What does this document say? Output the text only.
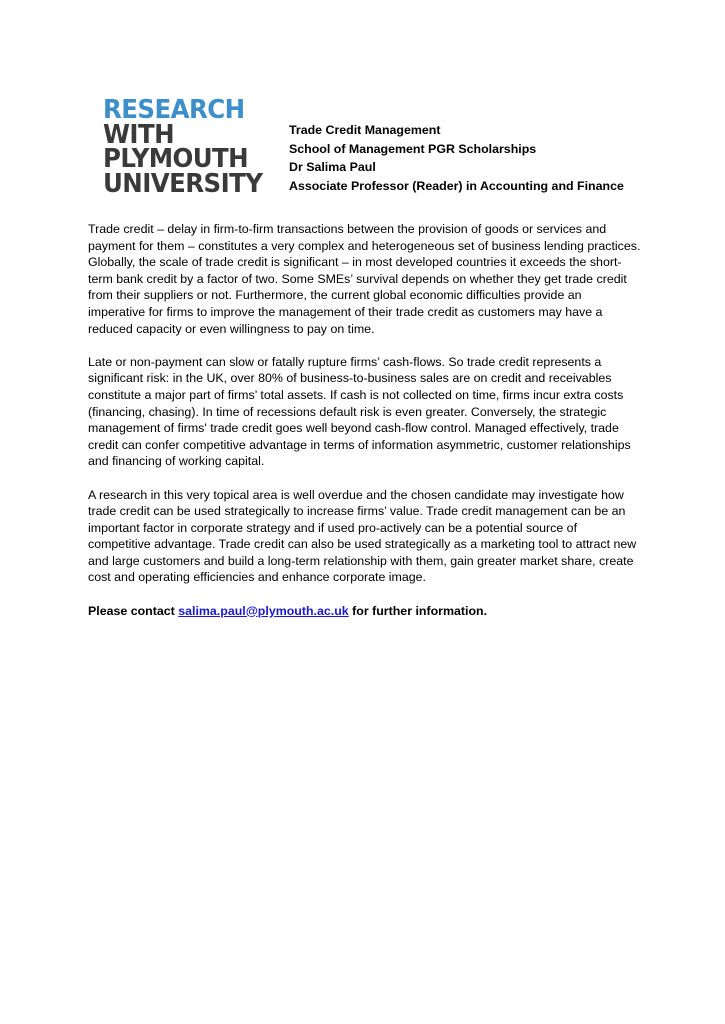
RESEARCH
WITH
PLYMOUTH
UNIVERSITY
Trade Credit Management
School of Management PGR Scholarships
Dr Salima Paul
Associate Professor (Reader) in Accounting and Finance

Trade credit – delay in firm-to-firm transactions between the provision of goods or services and
payment for them – constitutes a very complex and heterogeneous set of business lending practices.
Globally, the scale of trade credit is significant – in most developed countries it exceeds the short-
term bank credit by a factor of two. Some SMEs’ survival depends on whether they get trade credit
from their suppliers or not. Furthermore, the current global economic difficulties provide an
imperative for firms to improve the management of their trade credit as customers may have a
reduced capacity or even willingness to pay on time.

Late or non-payment can slow or fatally rupture firms’ cash-flows. So trade credit represents a
significant risk: in the UK, over 80% of business-to-business sales are on credit and receivables
constitute a major part of firms’ total assets. If cash is not collected on time, firms incur extra costs
(financing, chasing). In time of recessions default risk is even greater. Conversely, the strategic
management of firms' trade credit goes well beyond cash-flow control. Managed effectively, trade
credit can confer competitive advantage in terms of information asymmetric, customer relationships
and financing of working capital.

A research in this very topical area is well overdue and the chosen candidate may investigate how
trade credit can be used strategically to increase firms’ value. Trade credit management can be an
important factor in corporate strategy and if used pro-actively can be a potential source of
competitive advantage. Trade credit can also be used strategically as a marketing tool to attract new
and large customers and build a long-term relationship with them, gain greater market share, create
cost and operating efficiencies and enhance corporate image.

Please contact salima.paul@plymouth.ac.uk for further information.
